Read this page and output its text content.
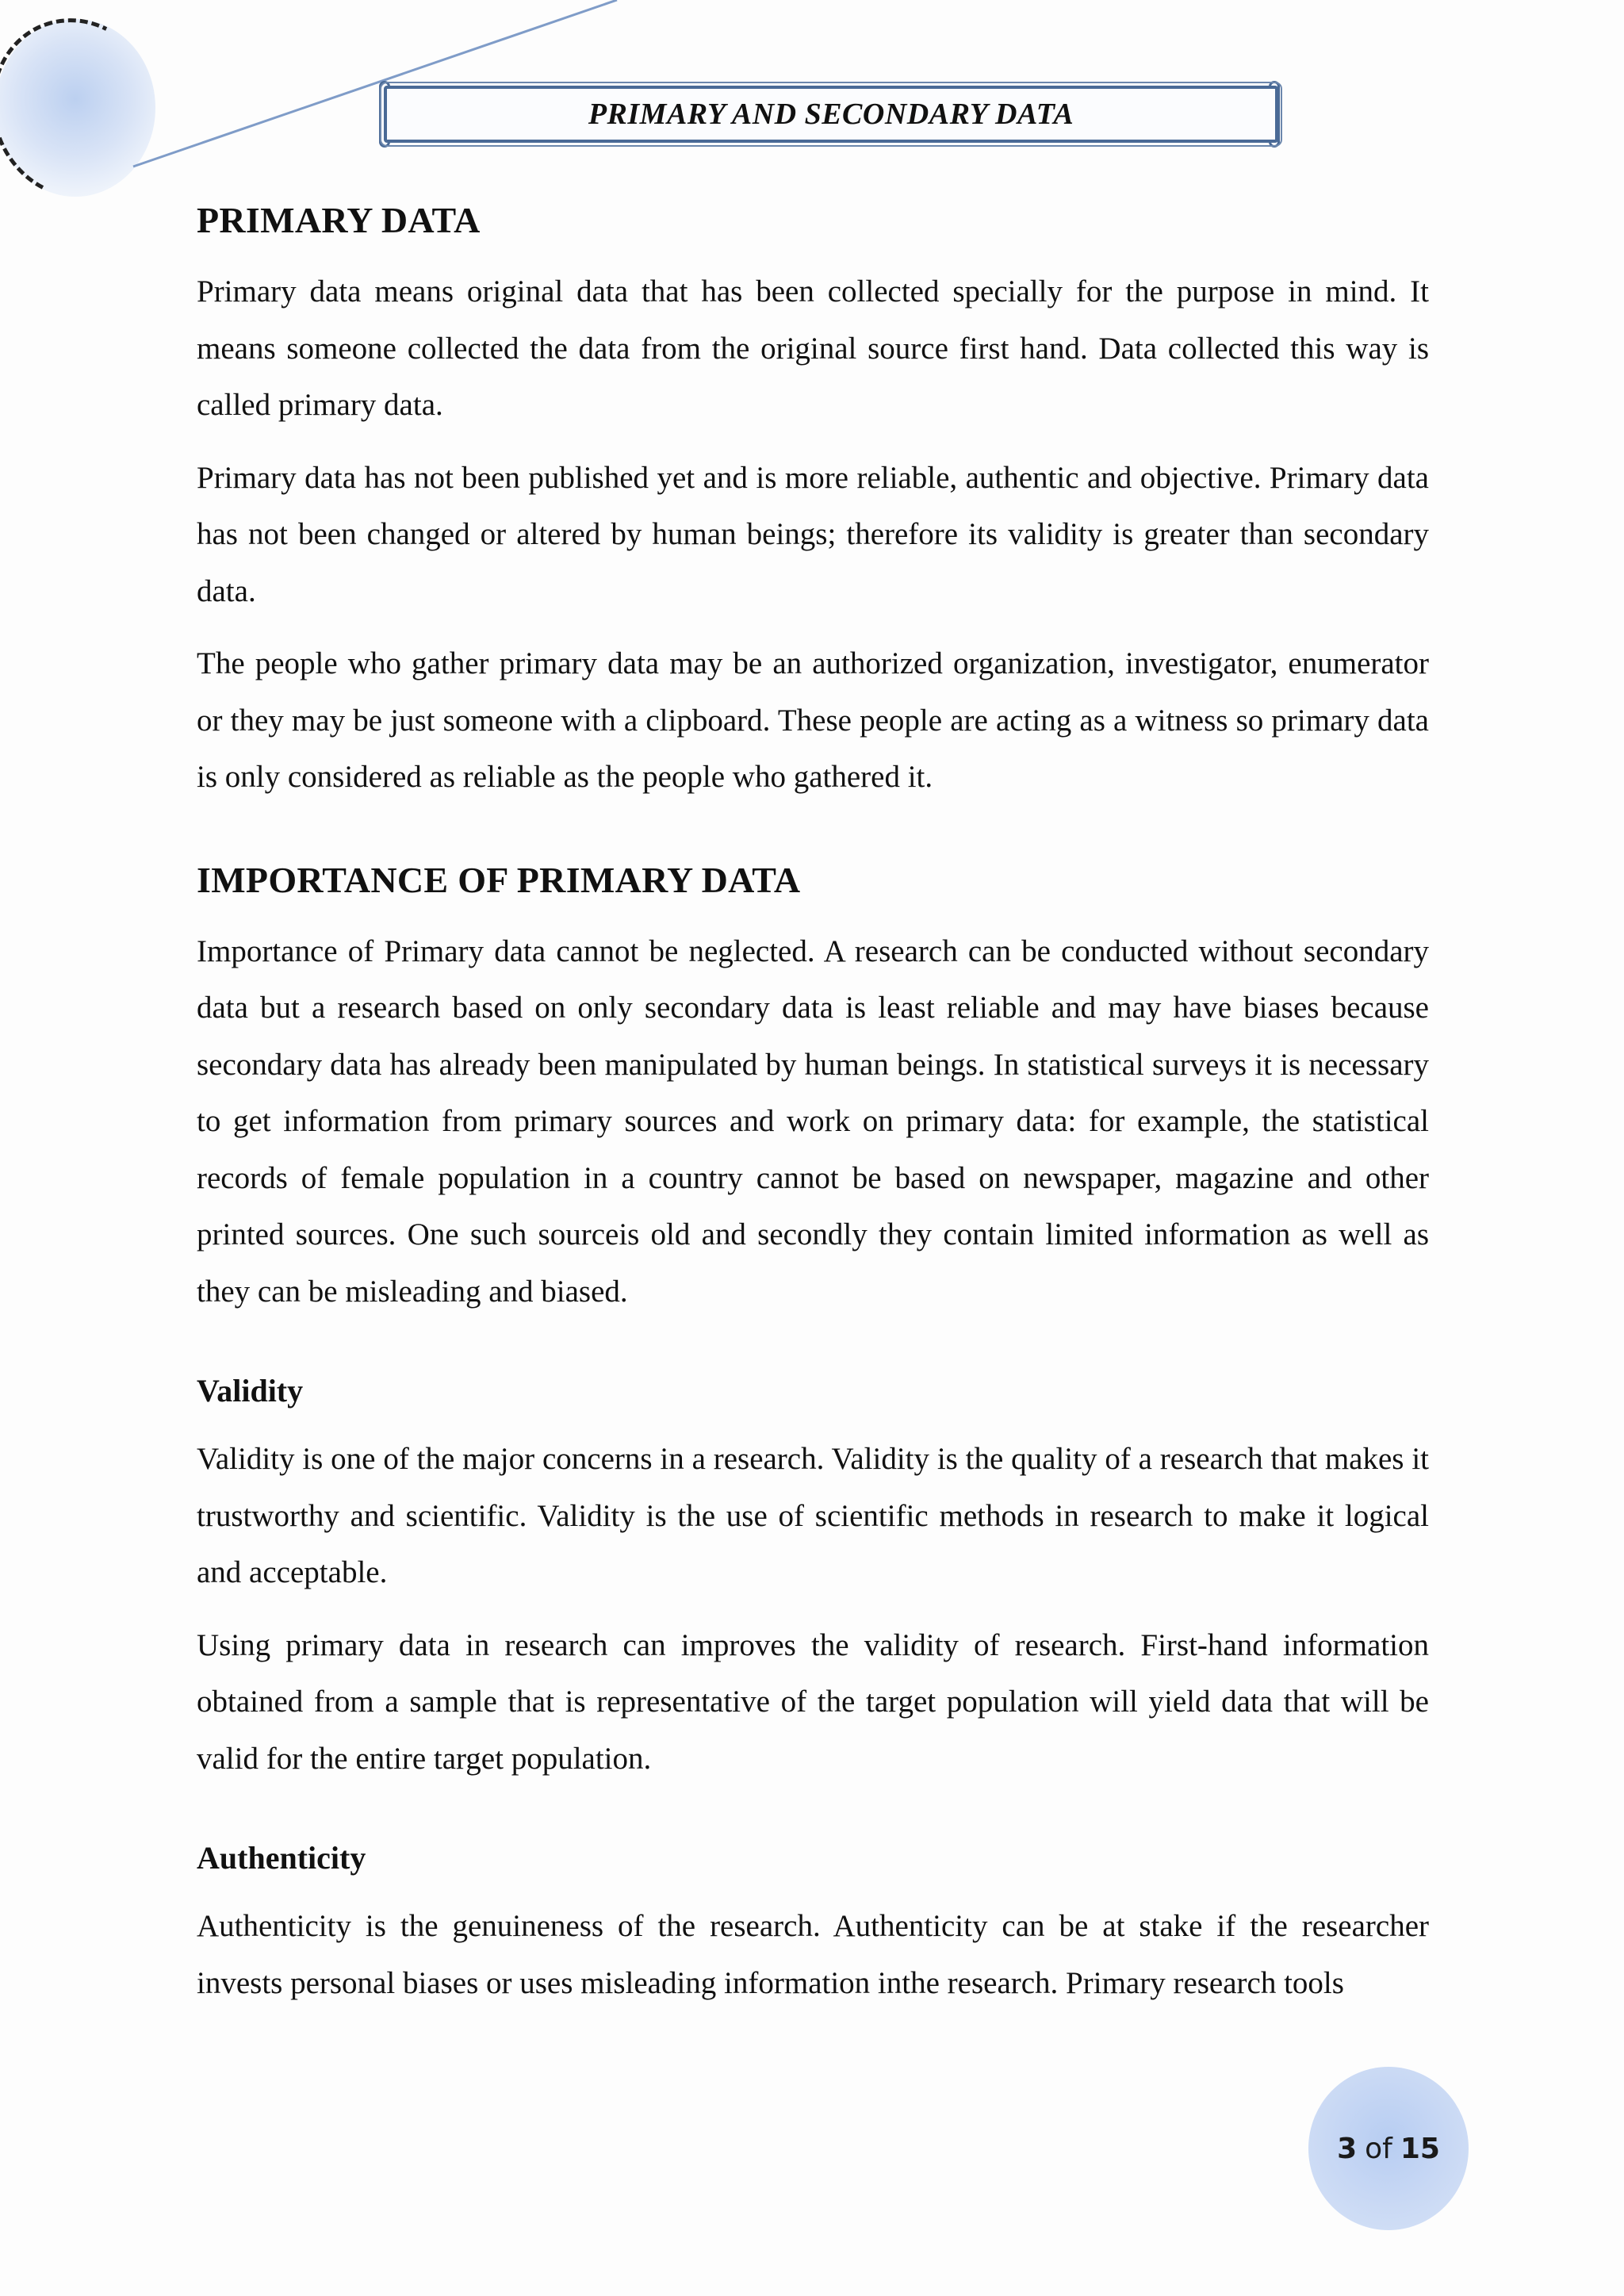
PRIMARY AND SECONDARY DATA
PRIMARY DATA

Primary data means original data that has been collected specially for the purpose in mind. It means someone collected the data from the original source first hand. Data collected this way is called primary data.

Primary data has not been published yet and is more reliable, authentic and objective. Primary data has not been changed or altered by human beings; therefore its validity is greater than secondary data.

The people who gather primary data may be an authorized organization, investigator, enumerator or they may be just someone with a clipboard. These people are acting as a witness so primary data is only considered as reliable as the people who gathered it.

IMPORTANCE OF PRIMARY DATA

Importance of Primary data cannot be neglected. A research can be conducted without secondary data but a research based on only secondary data is least reliable and may have biases because secondary data has already been manipulated by human beings. In statistical surveys it is necessary to get information from primary sources and work on primary data: for example, the statistical records of female population in a country cannot be based on newspaper, magazine and other printed sources. One such sourceis old and secondly they contain limited information as well as they can be misleading and biased.

Validity

Validity is one of the major concerns in a research. Validity is the quality of a research that makes it trustworthy and scientific. Validity is the use of scientific methods in research to make it logical and acceptable.

Using primary data in research can improves the validity of research. First-hand information obtained from a sample that is representative of the target population will yield data that will be valid for the entire target population.

Authenticity

Authenticity is the genuineness of the research. Authenticity can be at stake if the researcher invests personal biases or uses misleading information inthe research. Primary research tools

3 of 15
